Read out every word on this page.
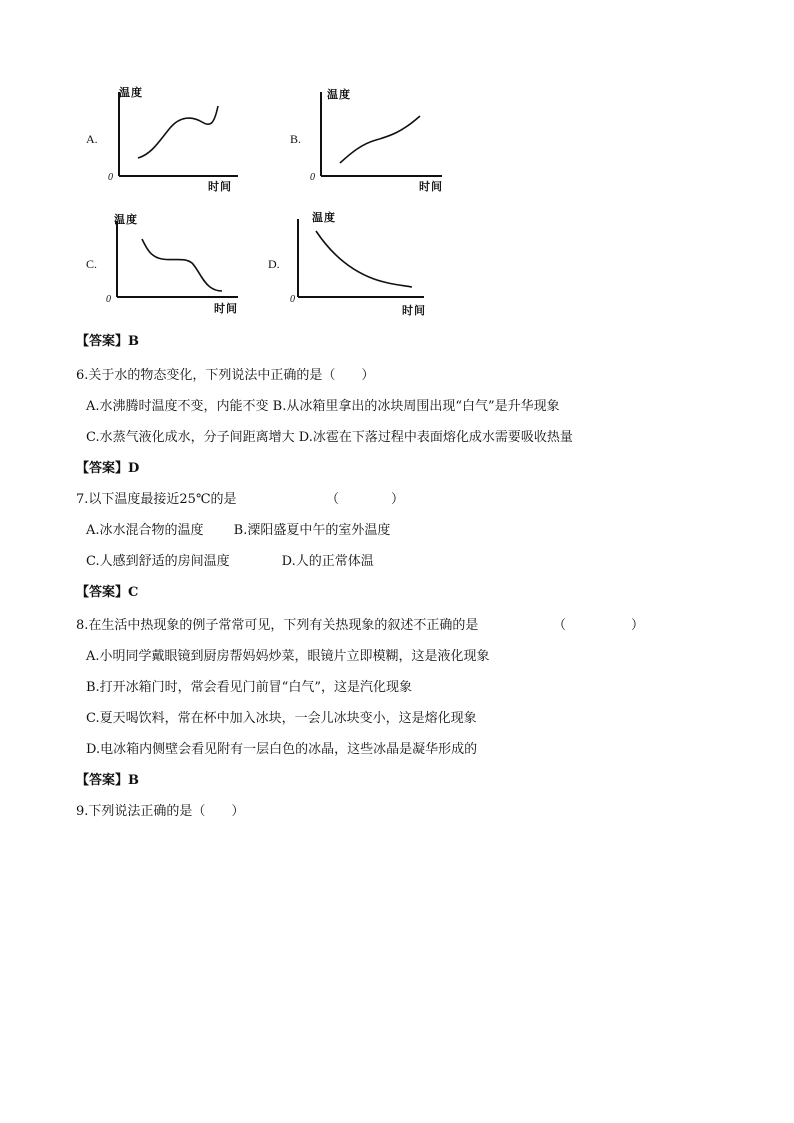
A.
温度
时间
0
B.
温度
时间
0
C.
温度
时间
0
D.
温度
时间
0
【答案】B
6.关于水的物态变化，下列说法中正确的是（　　）
A.水沸腾时温度不变，内能不变 B.从冰箱里拿出的冰块周围出现“白气”是升华现象
C.水蒸气液化成水，分子间距离增大 D.冰雹在下落过程中表面熔化成水需要吸收热量
【答案】D
7.以下温度最接近25℃的是	（　　　　）
A.冰水混合物的温度　　 B.溧阳盛夏中午的室外温度
C.人感到舒适的房间温度　　　　D.人的正常体温
【答案】C
8.在生活中热现象的例子常常可见，下列有关热现象的叙述不正确的是	（　　　　　）
A.小明同学戴眼镜到厨房帮妈妈炒菜，眼镜片立即模糊，这是液化现象
B.打开冰箱门时，常会看见门前冒“白气”，这是汽化现象
C.夏天喝饮料，常在杯中加入冰块，一会儿冰块变小，这是熔化现象
D.电冰箱内侧壁会看见附有一层白色的冰晶，这些冰晶是凝华形成的
【答案】B
9.下列说法正确的是（　　）
